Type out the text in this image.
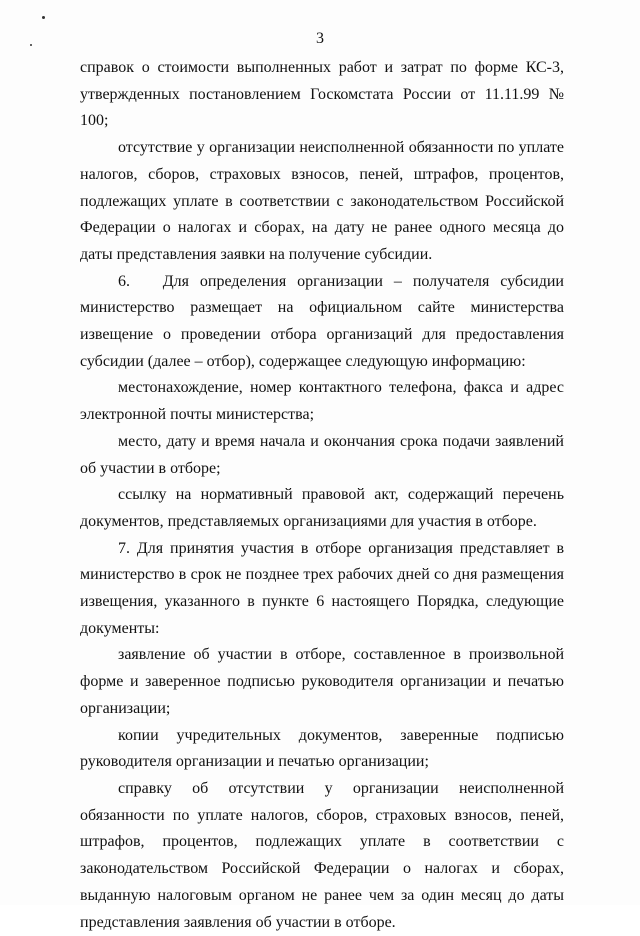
3

справок о стоимости выполненных работ и затрат по форме КС-3, утвержденных постановлением Госкомстата России от 11.11.99 № 100;

отсутствие у организации неисполненной обязанности по уплате налогов, сборов, страховых взносов, пеней, штрафов, процентов, подлежащих уплате в соответствии с законодательством Российской Федерации о налогах и сборах, на дату не ранее одного месяца до даты представления заявки на получение субсидии.

6.   Для определения организации – получателя субсидии министерство размещает на официальном сайте министерства извещение о проведении отбора организаций для предоставления субсидии (далее – отбор), содержащее следующую информацию:

местонахождение, номер контактного телефона, факса и адрес электронной почты министерства;

место, дату и время начала и окончания срока подачи заявлений об участии в отборе;

ссылку на нормативный правовой акт, содержащий перечень документов, представляемых организациями для участия в отборе.

7. Для принятия участия в отборе организация представляет в министерство в срок не позднее трех рабочих дней со дня размещения извещения, указанного в пункте 6 настоящего Порядка, следующие документы:

заявление об участии в отборе, составленное в произвольной форме и заверенное подписью руководителя организации и печатью организации;

копии учредительных документов, заверенные подписью руководителя организации и печатью организации;

справку об отсутствии у организации неисполненной обязанности по уплате налогов, сборов, страховых взносов, пеней, штрафов, процентов, подлежащих уплате в соответствии с законодательством Российской Федерации о налогах и сборах, выданную налоговым органом не ранее чем за один месяц до даты представления заявления об участии в отборе.
